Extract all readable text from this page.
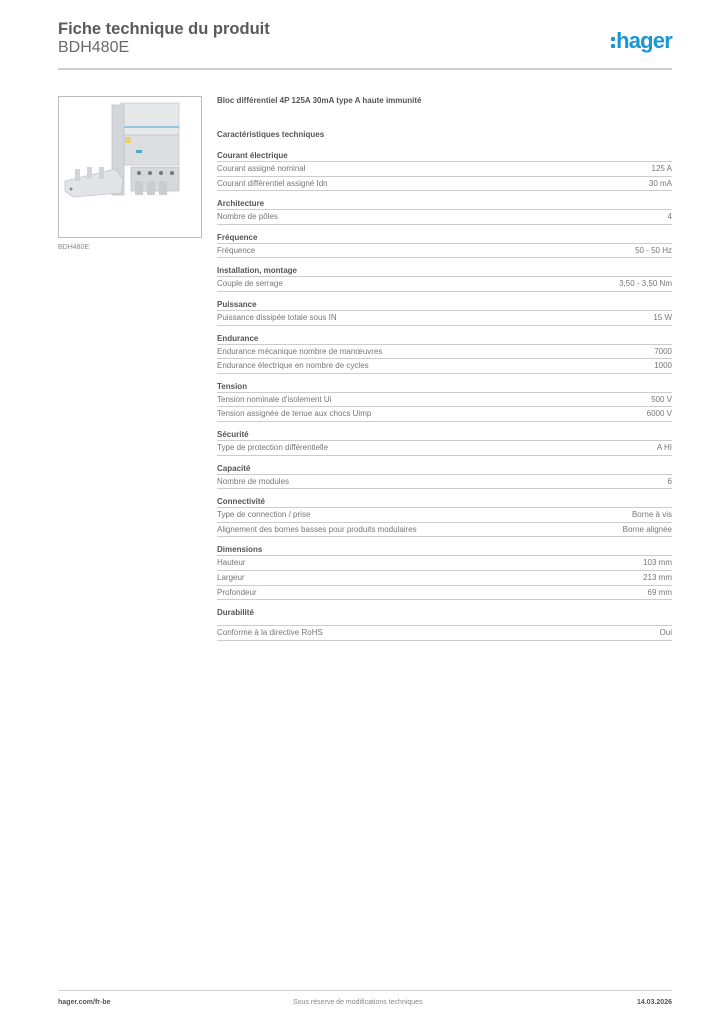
Fiche technique du produit
BDH480E	hager
BDH480E
Bloc différentiel 4P 125A 30mA type A haute immunité
Caractéristiques techniques
Courant électrique
Courant assigné nominal	125 A
Courant différentiel assigné Idn	30 mA
Architecture
Nombre de pôles	4
Fréquence
Fréquence	50 - 50 Hz
Installation, montage
Couple de serrage	3,50 - 3,50 Nm
Puissance
Puissance dissipée totale sous IN	15 W
Endurance
Endurance mécanique nombre de manœuvres	7000
Endurance électrique en nombre de cycles	1000
Tension
Tension nominale d'isolement Ui	500 V
Tension assignée de tenue aux chocs Uimp	6000 V
Sécurité
Type de protection différentielle	A HI
Capacité
Nombre de modules	6
Connectivité
Type de connection / prise	Borne à vis
Alignement des bornes basses pour produits modulaires	Borne alignée
Dimensions
Hauteur	103 mm
Largeur	213 mm
Profondeur	69 mm
Durabilité
Conforme à la directive RoHS	Oui
hager.com/fr-be	Sous réserve de modifications techniques	14.03.2026
